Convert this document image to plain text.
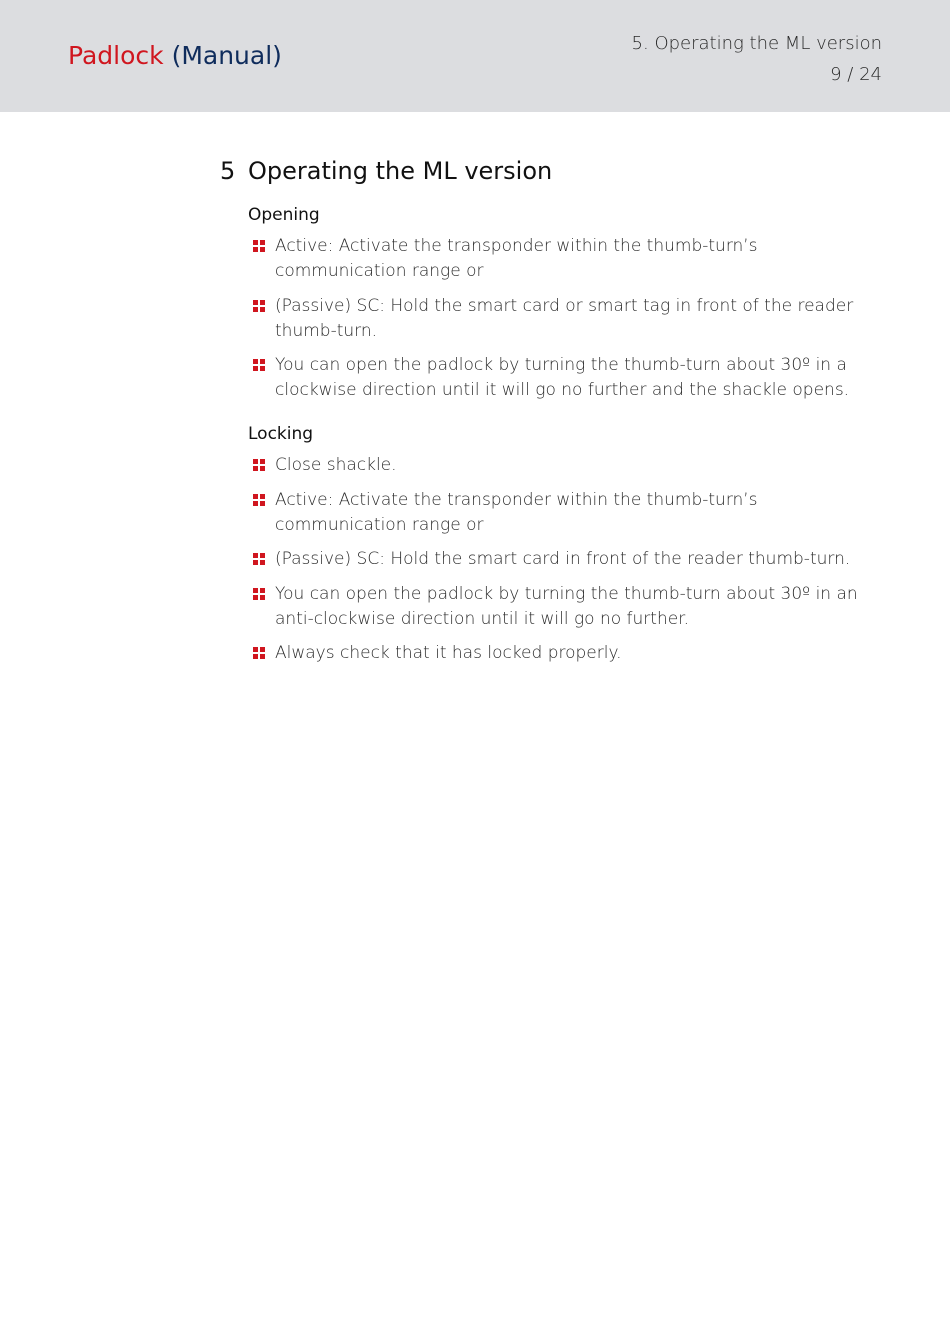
Padlock (Manual)	5. Operating the ML version
9 / 24
5 Operating the ML version
Opening
Active: Activate the transponder within the thumb-turn’s communication range or
(Passive) SC: Hold the smart card or smart tag in front of the reader thumb-turn.
You can open the padlock by turning the thumb-turn about 30º in a clockwise direction until it will go no further and the shackle opens.
Locking
Close shackle.
Active: Activate the transponder within the thumb-turn’s communication range or
(Passive) SC: Hold the smart card in front of the reader thumb-turn.
You can open the padlock by turning the thumb-turn about 30º in an anti-clockwise direction until it will go no further.
Always check that it has locked properly.
